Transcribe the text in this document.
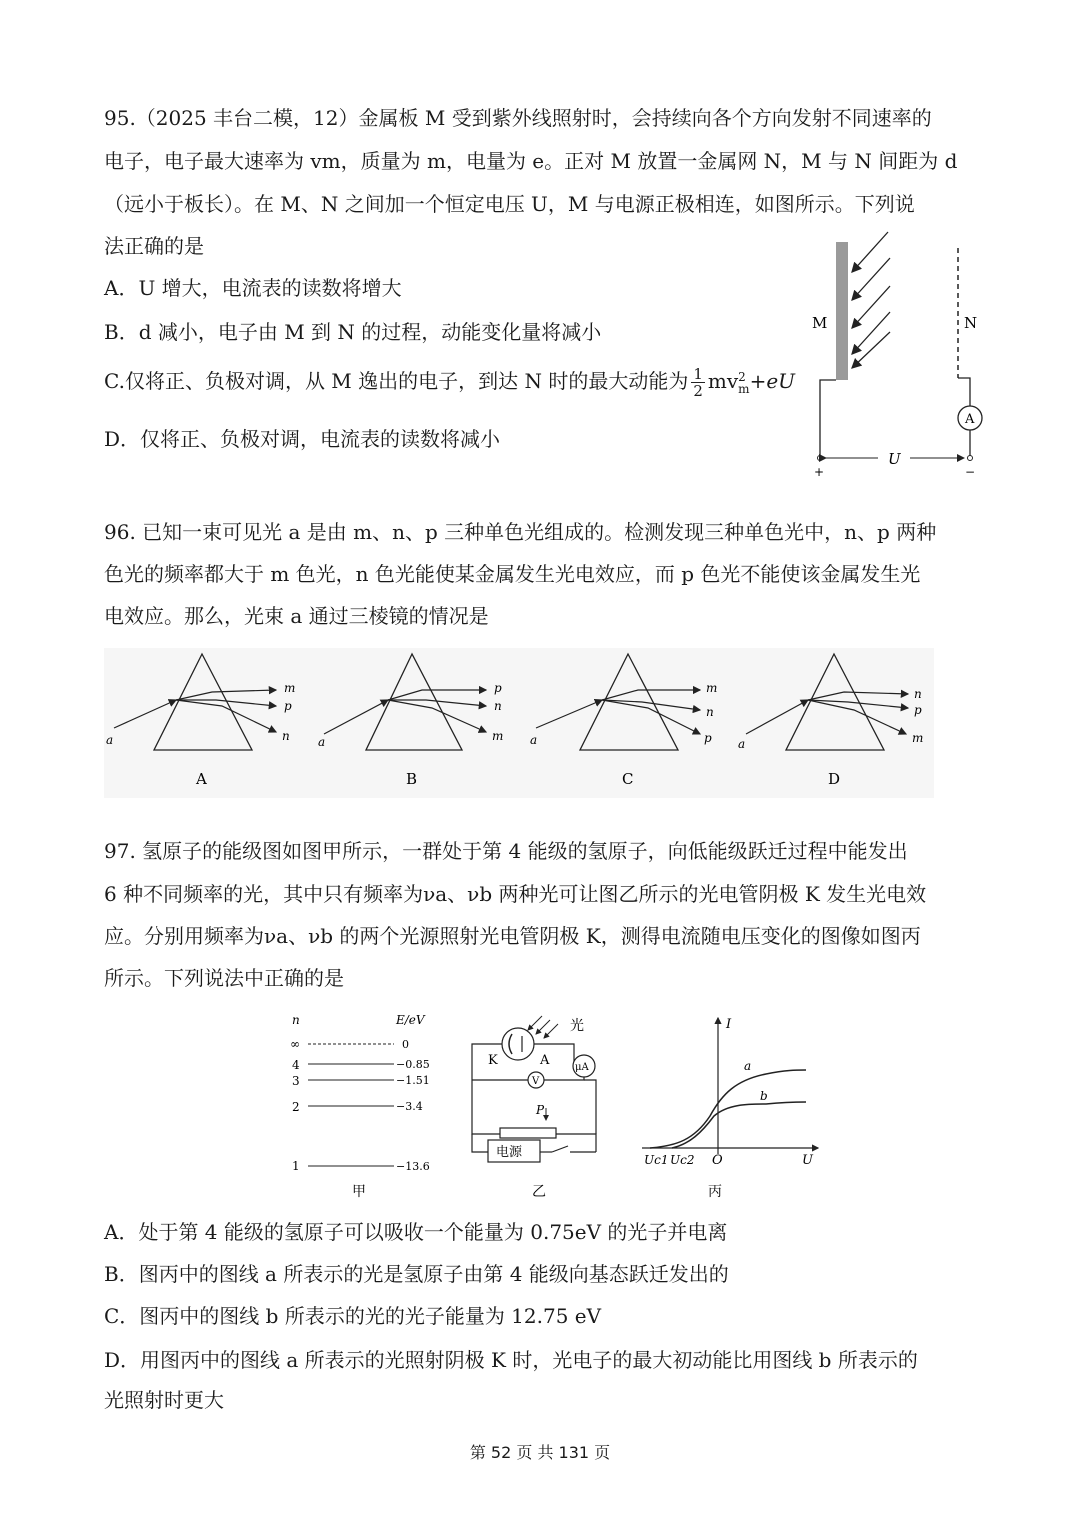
95.（2025 丰台二模，12）金属板 M 受到紫外线照射时，会持续向各个方向发射不同速率的
电子，电子最大速率为 vm，质量为 m，电量为 e。正对 M 放置一金属网 N，M 与 N 间距为 d
（远小于板长）。在 M、N 之间加一个恒定电压 U，M 与电源正极相连，如图所示。下列说
法正确的是
A．U 增大，电流表的读数将增大
B．d 减小，电子由 M 到 N 的过程，动能变化量将减小
C.仅将正、负极对调，从 M 逸出的电子，到达 N 时的最大动能为 $\frac{1}{2}$ mv 2
m +eU
D．仅将正、负极对调，电流表的读数将减小
M	N
A
U
+	−
96. 已知一束可见光 a 是由 m、n、p 三种单色光组成的。检测发现三种单色光中，n、p 两种
色光的频率都大于 m 色光，n 色光能使某金属发生光电效应，而 p 色光不能使该金属发生光
电效应。那么，光束 a 通过三棱镜的情况是
a
m
p
n
A
a
p
n
m
B
a
m
n
p
C
a
n
p
m
D
97. 氢原子的能级图如图甲所示，一群处于第 4 能级的氢原子，向低能级跃迁过程中能发出
6 种不同频率的光，其中只有频率为νa、νb 两种光可让图乙所示的光电管阴极 K 发生光电效
应。分别用频率为νa、νb 的两个光源照射光电管阴极 K，测得电流随电压变化的图像如图丙
所示。下列说法中正确的是
n	E/eV
∞	0
4	−0.85
3	−1.51
2	−3.4
1	−13.6
甲
光
K	A	μA
V
P
电源
乙
I
U
O
Uc1 Uc2
a
b
丙
A．处于第 4 能级的氢原子可以吸收一个能量为 0.75eV 的光子并电离
B．图丙中的图线 a 所表示的光是氢原子由第 4 能级向基态跃迁发出的
C．图丙中的图线 b 所表示的光的光子能量为 12.75 eV
D．用图丙中的图线 a 所表示的光照射阴极 K 时，光电子的最大初动能比用图线 b 所表示的
光照射时更大
第 52 页 共 131 页
